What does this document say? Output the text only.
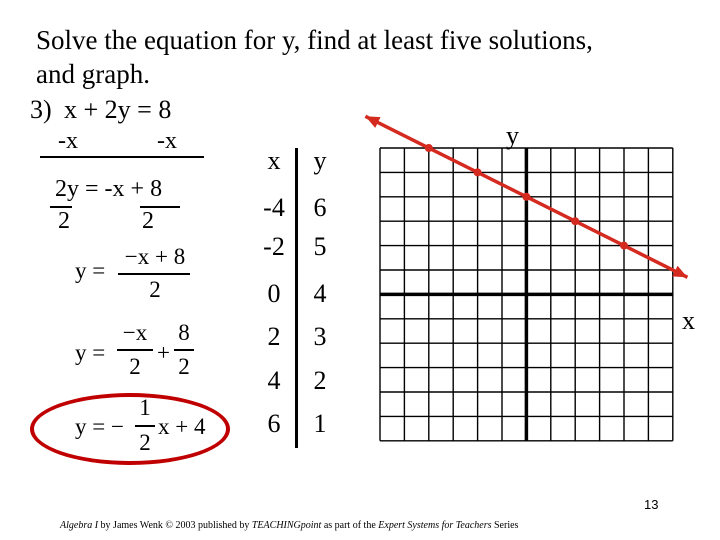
Solve the equation for y, find at least five solutions,
and graph.
3) x + 2y = 8
-x	-x
2y = -x + 8
2	2
y =
−x + 8
2
y =
−x
2
+
8
2
y = −
1
2
x + 4
x	y
-4	6
-2	5
0	4
2	3
4	2
6	1
y
x
13
Algebra I by James Wenk © 2003 published by TEACHINGpoint as part of the Expert Systems for Teachers Series
